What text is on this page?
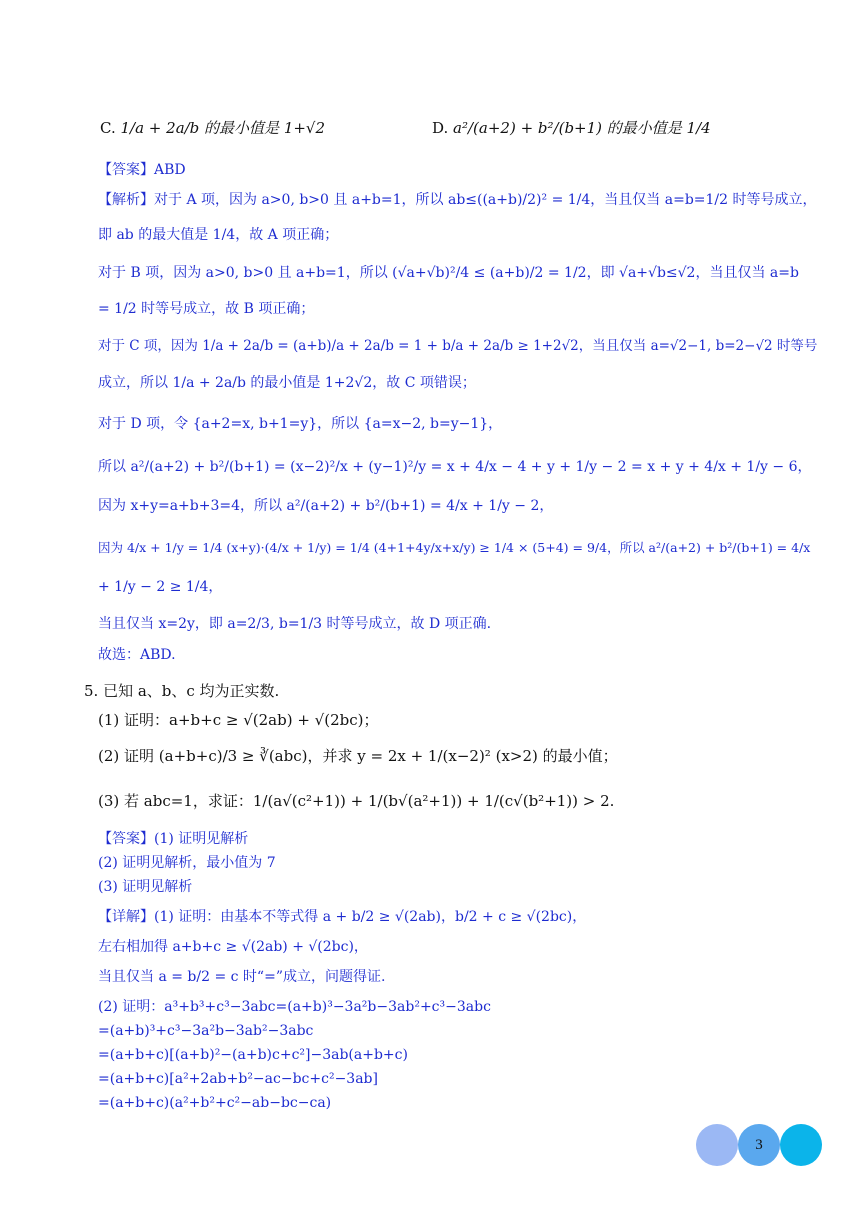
C. 1/a + 2a/b 的最小值是 1+√2	D. a²/(a+2) + b²/(b+1) 的最小值是 1/4
【答案】ABD
【解析】对于 A 项，因为 a>0, b>0 且 a+b=1，所以 ab≤((a+b)/2)² = 1/4，当且仅当 a=b=1/2 时等号成立，
即 ab 的最大值是 1/4，故 A 项正确；
对于 B 项，因为 a>0, b>0 且 a+b=1，所以 (√a+√b)²/4 ≤ (a+b)/2 = 1/2，即 √a+√b≤√2，当且仅当 a=b
= 1/2 时等号成立，故 B 项正确；
对于 C 项，因为 1/a + 2a/b = (a+b)/a + 2a/b = 1 + b/a + 2a/b ≥ 1+2√2，当且仅当 a=√2−1, b=2−√2 时等号
成立，所以 1/a + 2a/b 的最小值是 1+2√2，故 C 项错误；
对于 D 项，令 {a+2=x, b+1=y}，所以 {a=x−2, b=y−1}，
所以 a²/(a+2) + b²/(b+1) = (x−2)²/x + (y−1)²/y = x + 4/x − 4 + y + 1/y − 2 = x + y + 4/x + 1/y − 6，
因为 x+y=a+b+3=4，所以 a²/(a+2) + b²/(b+1) = 4/x + 1/y − 2，
因为 4/x + 1/y = 1/4 (x+y)·(4/x + 1/y) = 1/4 (4+1+4y/x+x/y) ≥ 1/4 × (5+4) = 9/4，所以 a²/(a+2) + b²/(b+1) = 4/x
+ 1/y − 2 ≥ 1/4，
当且仅当 x=2y，即 a=2/3, b=1/3 时等号成立，故 D 项正确.
故选：ABD.
5. 已知 a、b、c 均为正实数.
(1) 证明：a+b+c ≥ √(2ab) + √(2bc)；
(2) 证明 (a+b+c)/3 ≥ ∛(abc)，并求 y = 2x + 1/(x−2)² (x>2) 的最小值；
(3) 若 abc=1，求证：1/(a√(c²+1)) + 1/(b√(a²+1)) + 1/(c√(b²+1)) > 2.
【答案】(1) 证明见解析
(2) 证明见解析，最小值为 7
(3) 证明见解析
【详解】(1) 证明：由基本不等式得 a + b/2 ≥ √(2ab)，b/2 + c ≥ √(2bc)，
左右相加得 a+b+c ≥ √(2ab) + √(2bc)，
当且仅当 a = b/2 = c 时“=”成立，问题得证.
(2) 证明：a³+b³+c³−3abc=(a+b)³−3a²b−3ab²+c³−3abc
=(a+b)³+c³−3a²b−3ab²−3abc
=(a+b+c)[(a+b)²−(a+b)c+c²]−3ab(a+b+c)
=(a+b+c)[a²+2ab+b²−ac−bc+c²−3ab]
=(a+b+c)(a²+b²+c²−ab−bc−ca)
3
